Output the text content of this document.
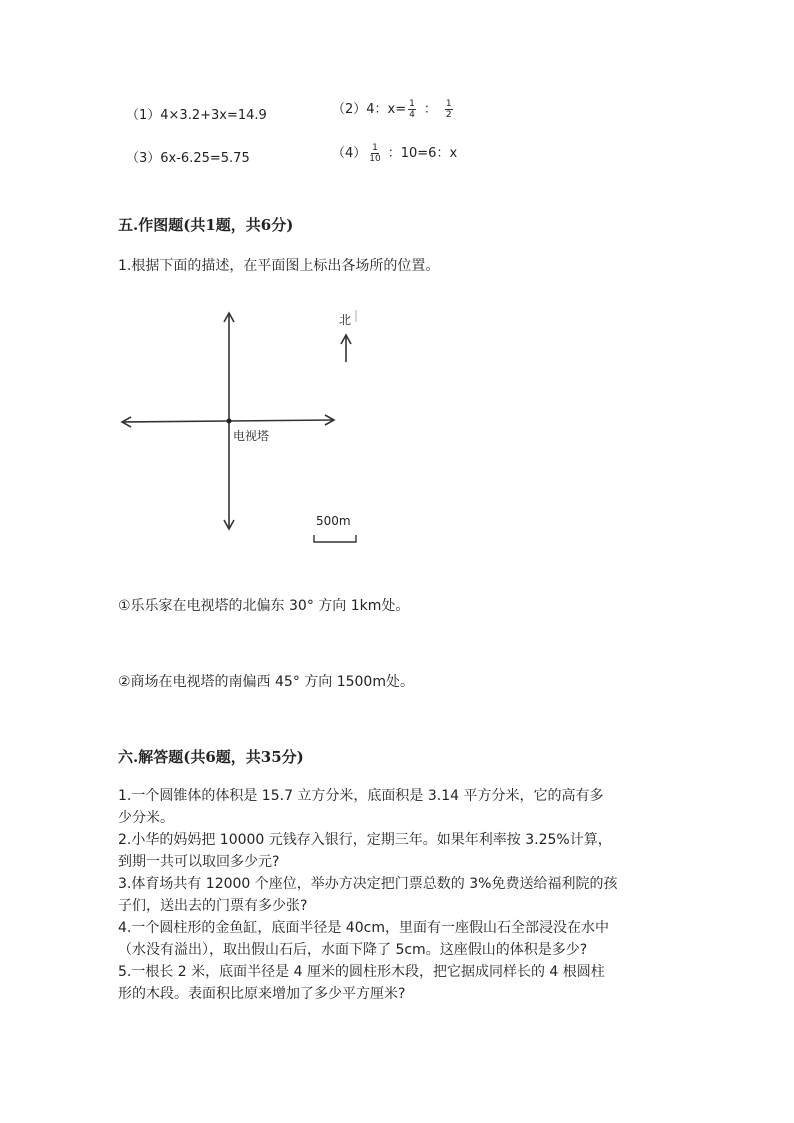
（1）4×3.2+3x=14.9	（2）4：$x= \frac{1}{4}$ ： $\frac{1}{2}$
（3）6x-6.25=5.75	$(4) \frac{1}{10}$ ：10=6：x
五.作图题(共1题，共6分)
1.根据下面的描述，在平面图上标出各场所的位置。
电视塔
北
500m
①乐乐家在电视塔的北偏东 30° 方向 1km处。
②商场在电视塔的南偏西 45° 方向 1500m处。
六.解答题(共6题，共35分)
1.一个圆锥体的体积是 15.7 立方分米，底面积是 3.14 平方分米，它的高有多
少分米。
2.小华的妈妈把 10000 元钱存入银行，定期三年。如果年利率按 3.25%计算，
到期一共可以取回多少元?
3.体育场共有 12000 个座位，举办方决定把门票总数的 3%免费送给福利院的孩
子们，送出去的门票有多少张?
4.一个圆柱形的金鱼缸，底面半径是 40cm，里面有一座假山石全部浸没在水中
（水没有溢出），取出假山石后，水面下降了 5cm。这座假山的体积是多少?
5.一根长 2 米，底面半径是 4 厘米的圆柱形木段，把它据成同样长的 4 根圆柱
形的木段。表面积比原来增加了多少平方厘米?
